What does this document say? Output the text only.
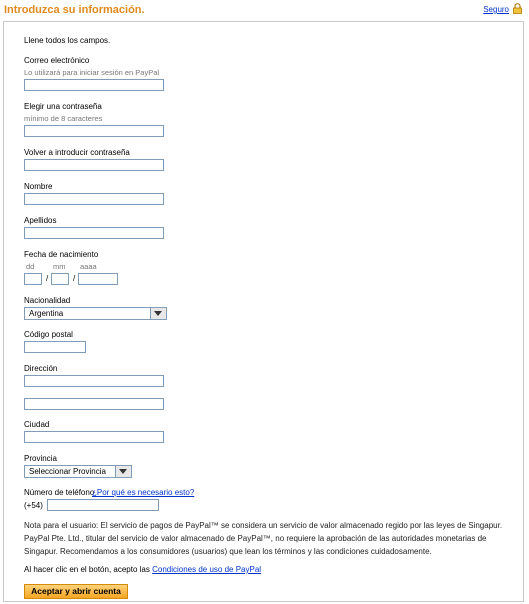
Introduzca su información.	Seguro
Llene todos los campos.
Correo electrónico
Lo utilizará para iniciar sesión en PayPal
Elegir una contraseña
mínimo de 8 caracteres
Volver a introducir contraseña
Nombre
Apellidos
Fecha de nacimiento
dd mm aaaa
/	/
Nacionalidad
Argentina
Código postal
Dirección
Ciudad
Provincia
Seleccionar Provincia
Número de teléfono
¿Por qué es necesario esto?
(+54)
Nota para el usuario: El servicio de pagos de PayPal™ se considera un servicio de valor almacenado regido por las leyes de Singapur. PayPal Pte. Ltd., titular del servicio de valor almacenado de PayPal™, no requiere la aprobación de las autoridades monetarias de Singapur. Recomendamos a los consumidores (usuarios) que lean los términos y las condiciones cuidadosamente.
Al hacer clic en el botón, acepto las Condiciones de uso de PayPal
Aceptar y abrir cuenta
